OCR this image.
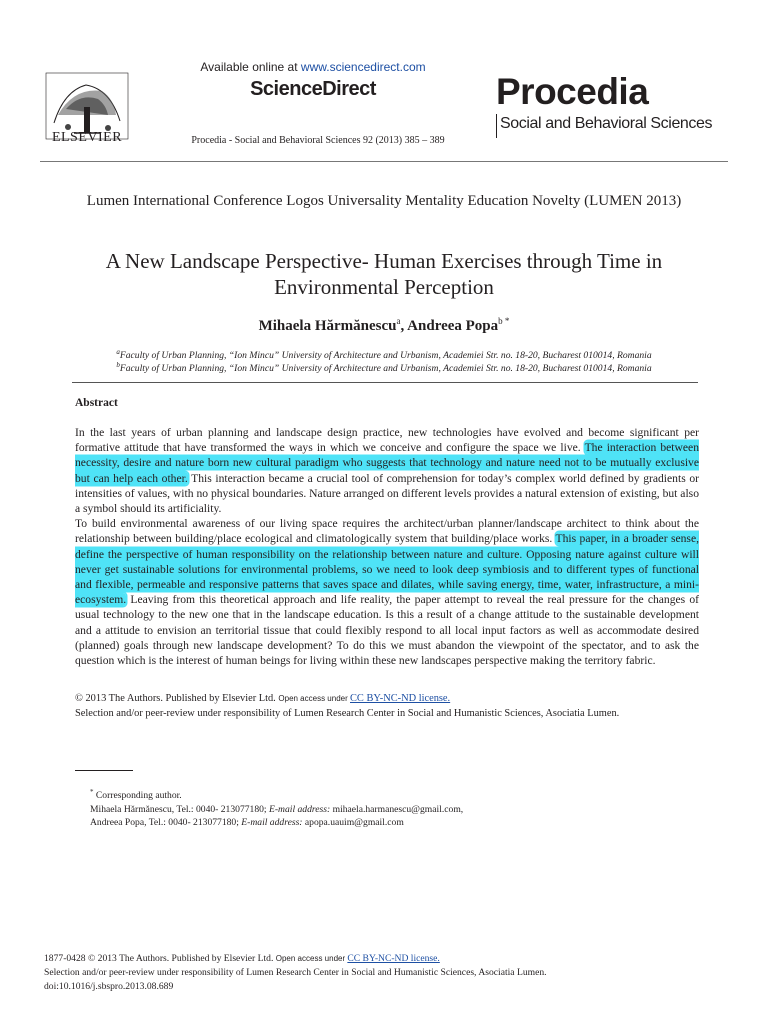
ELSEVIER
Available online at www.sciencedirect.com
ScienceDirect
Procedia - Social and Behavioral Sciences 92 (2013) 385 – 389
Procedia
Social and Behavioral Sciences
Lumen International Conference Logos Universality Mentality Education Novelty (LUMEN 2013)
A New Landscape Perspective- Human Exercises through Time in Environmental Perception
Mihaela Hărmănescu$^a$, Andreea Popa$^{b *}$
$^a$Faculty of Urban Planning, “Ion Mincu” University of Architecture and Urbanism, Academiei Str. no. 18-20, Bucharest 010014, Romania
$^b$Faculty of Urban Planning, “Ion Mincu” University of Architecture and Urbanism, Academiei Str. no. 18-20, Bucharest 010014, Romania
Abstract

In the last years of urban planning and landscape design practice, new technologies have evolved and become significant per formative attitude that have transformed the ways in which we conceive and configure the space we live. The interaction between necessity, desire and nature born new cultural paradigm who suggests that technology and nature need not to be mutually exclusive but can help each other. This interaction became a crucial tool of comprehension for today’s complex world defined by gradients or intensities of values, with no physical boundaries. Nature arranged on different levels provides a natural extension of existing, but also a symbol should its artificiality.

To build environmental awareness of our living space requires the architect/urban planner/landscape architect to think about the relationship between building/place ecological and climatologically system that building/place works. This paper, in a broader sense, define the perspective of human responsibility on the relationship between nature and culture. Opposing nature against culture will never get sustainable solutions for environmental problems, so we need to look deep symbiosis and to different types of functional and flexible, permeable and responsive patterns that saves space and dilates, while saving energy, time, water, infrastructure, a mini-ecosystem. Leaving from this theoretical approach and life reality, the paper attempt to reveal the real pressure for the changes of usual technology to the new one that in the landscape education. Is this a result of a change attitude to the sustainable development and a attitude to envision an territorial tissue that could flexibly respond to all local input factors as well as accommodate desired (planned) goals through new landscape development? To do this we must abandon the viewpoint of the spectator, and to ask the question which is the interest of human beings for living within these new landscapes perspective making the territory fabric.

© 2013 The Authors. Published by Elsevier Ltd. Open access under CC BY-NC-ND license.
Selection and/or peer-review under responsibility of Lumen Research Center in Social and Humanistic Sciences, Asociatia Lumen.
* Corresponding author.
Mihaela Hărmănescu, Tel.: 0040- 213077180; E-mail address: mihaela.harmanescu@gmail.com,
Andreea Popa, Tel.: 0040- 213077180; E-mail address: apopa.uauim@gmail.com
1877-0428 © 2013 The Authors. Published by Elsevier Ltd. Open access under CC BY-NC-ND license.
Selection and/or peer-review under responsibility of Lumen Research Center in Social and Humanistic Sciences, Asociatia Lumen.
doi:10.1016/j.sbspro.2013.08.689
